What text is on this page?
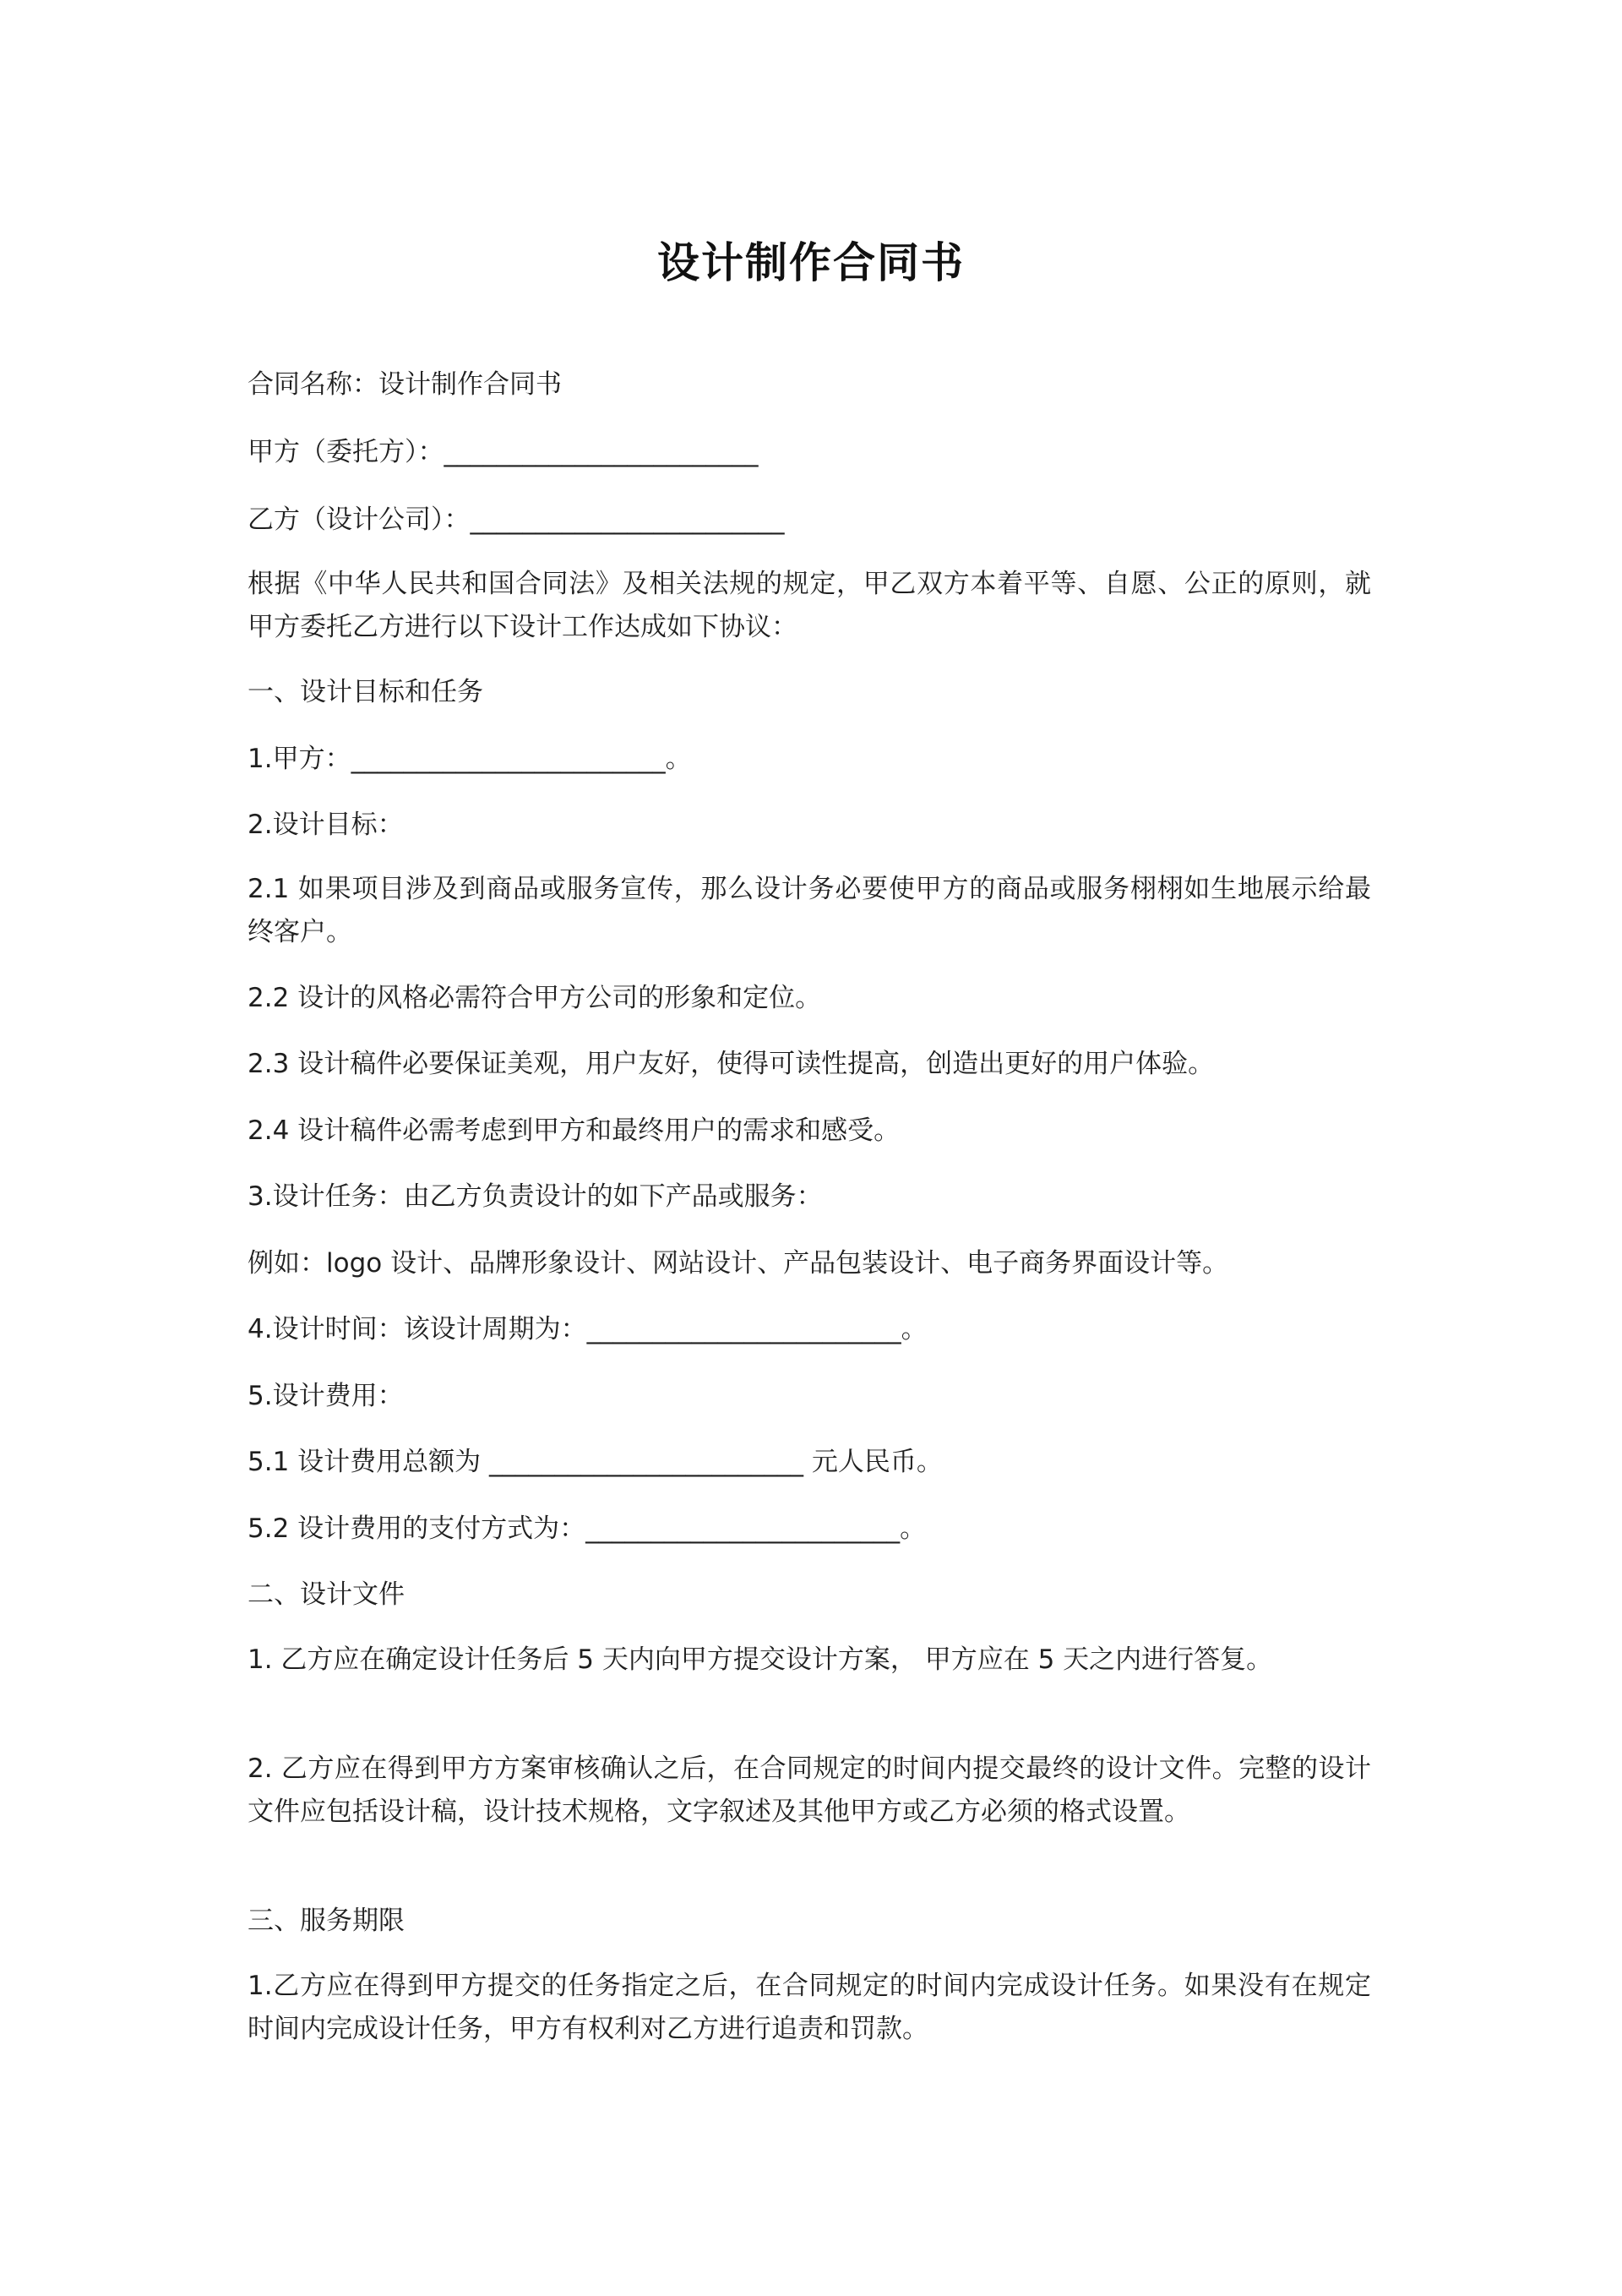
设计制作合同书
合同名称：设计制作合同书
甲方（委托方）：________________________
乙方（设计公司）：________________________
根据《中华人民共和国合同法》及相关法规的规定，甲乙双方本着平等、自愿、公正的原则，就甲方委托乙方进行以下设计工作达成如下协议：
一、设计目标和任务
1.甲方：________________________。
2.设计目标：
2.1 如果项目涉及到商品或服务宣传，那么设计务必要使甲方的商品或服务栩栩如生地展示给最终客户。
2.2 设计的风格必需符合甲方公司的形象和定位。
2.3 设计稿件必要保证美观，用户友好，使得可读性提高，创造出更好的用户体验。
2.4 设计稿件必需考虑到甲方和最终用户的需求和感受。
3.设计任务：由乙方负责设计的如下产品或服务：
例如：logo 设计、品牌形象设计、网站设计、产品包装设计、电子商务界面设计等。
4.设计时间：该设计周期为：________________________。
5.设计费用：
5.1 设计费用总额为 ________________________ 元人民币。
5.2 设计费用的支付方式为：________________________。
二、设计文件
1. 乙方应在确定设计任务后 5 天内向甲方提交设计方案， 甲方应在 5 天之内进行答复。
2. 乙方应在得到甲方方案审核确认之后，在合同规定的时间内提交最终的设计文件。完整的设计文件应包括设计稿，设计技术规格，文字叙述及其他甲方或乙方必须的格式设置。
三、服务期限
1.乙方应在得到甲方提交的任务指定之后，在合同规定的时间内完成设计任务。如果没有在规定时间内完成设计任务，甲方有权利对乙方进行追责和罚款。
